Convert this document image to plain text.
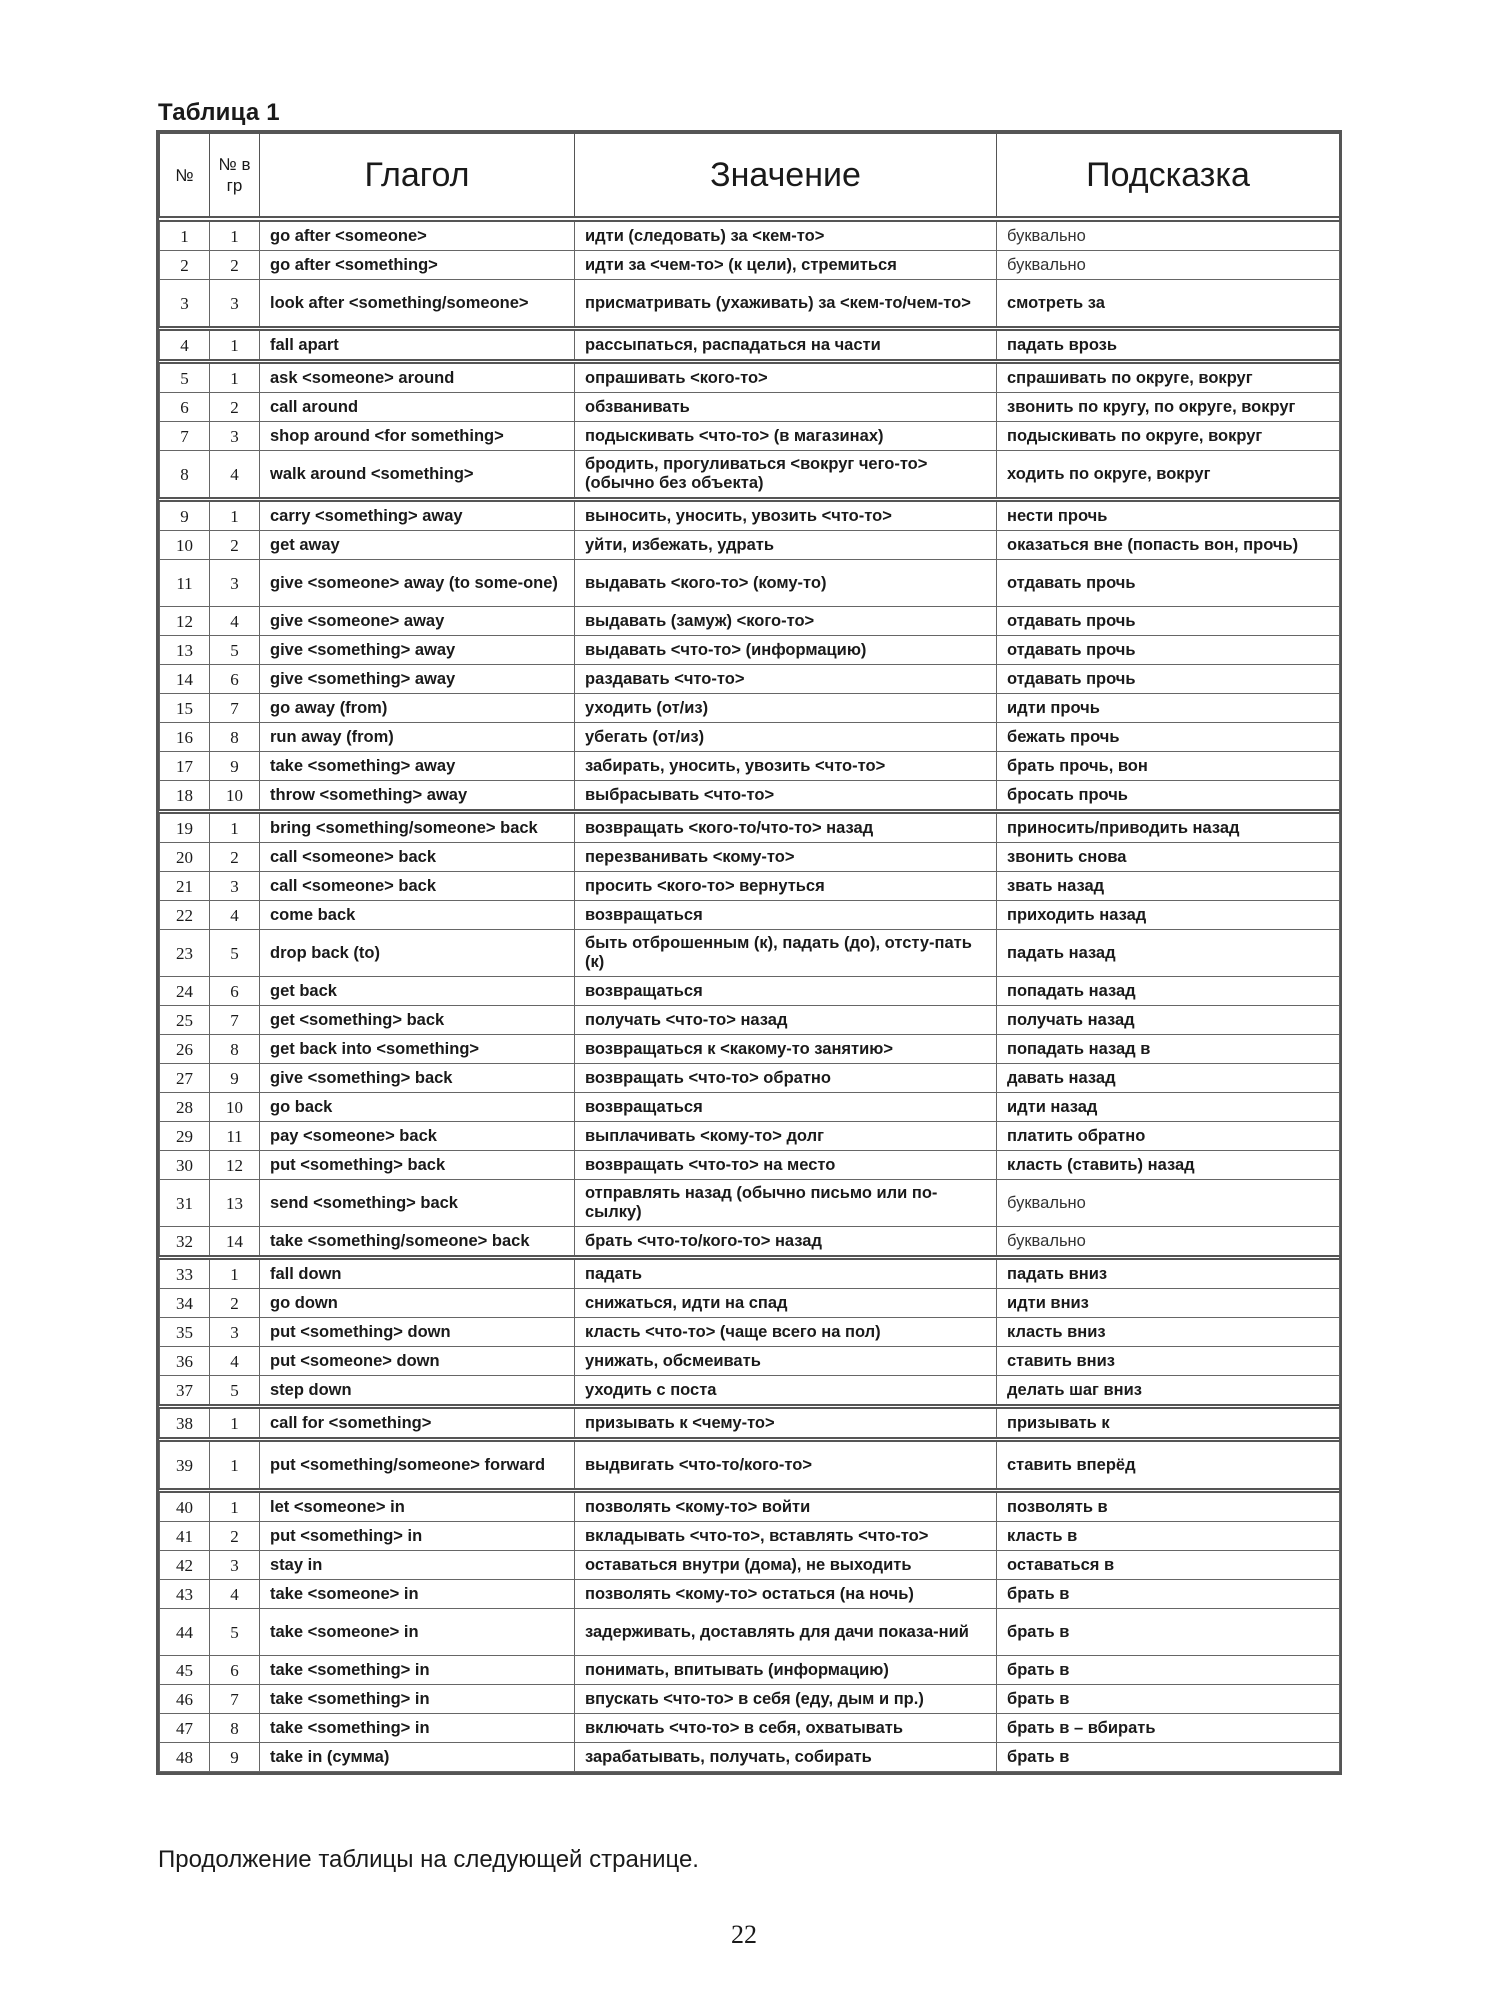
Таблица 1
№	№ в гр	Глагол	Значение	Подсказка
1	1	go after <someone>	идти (следовать) за <кем-то>	буквально
2	2	go after <something>	идти за <чем-то> (к цели), стремиться	буквально
3	3	look after <something/someone>	присматривать (ухаживать) за <кем-то/чем-то>	смотреть за
4	1	fall apart	рассыпаться, распадаться на части	падать врозь
5	1	ask <someone> around	опрашивать <кого-то>	спрашивать по округе, вокруг
6	2	call around	обзванивать	звонить по кругу, по округе, вокруг
7	3	shop around <for something>	подыскивать <что-то> (в магазинах)	подыскивать по округе, вокруг
8	4	walk around <something>	бродить, прогуливаться <вокруг чего-то> (обычно без объекта)	ходить по округе, вокруг
9	1	carry <something> away	выносить, уносить, увозить <что-то>	нести прочь
10	2	get away	уйти, избежать, удрать	оказаться вне (попасть вон, прочь)
11	3	give <someone> away (to some-one)	выдавать <кого-то> (кому-то)	отдавать прочь
12	4	give <someone> away	выдавать (замуж) <кого-то>	отдавать прочь
13	5	give <something> away	выдавать <что-то> (информацию)	отдавать прочь
14	6	give <something> away	раздавать <что-то>	отдавать прочь
15	7	go away (from)	уходить (от/из)	идти прочь
16	8	run away (from)	убегать (от/из)	бежать прочь
17	9	take <something> away	забирать, уносить, увозить <что-то>	брать прочь, вон
18	10	throw <something> away	выбрасывать <что-то>	бросать прочь
19	1	bring <something/someone> back	возвращать <кого-то/что-то> назад	приносить/приводить назад
20	2	call <someone> back	перезванивать <кому-то>	звонить снова
21	3	call <someone> back	просить <кого-то> вернуться	звать назад
22	4	come back	возвращаться	приходить назад
23	5	drop back (to)	быть отброшенным (к), падать (до), отсту-пать (к)	падать назад
24	6	get back	возвращаться	попадать назад
25	7	get <something> back	получать <что-то> назад	получать назад
26	8	get back into <something>	возвращаться к <какому-то занятию>	попадать назад в
27	9	give <something> back	возвращать <что-то> обратно	давать назад
28	10	go back	возвращаться	идти назад
29	11	pay <someone> back	выплачивать <кому-то> долг	платить обратно
30	12	put <something> back	возвращать <что-то> на место	класть (ставить) назад
31	13	send <something> back	отправлять назад (обычно письмо или по-сылку)	буквально
32	14	take <something/someone> back	брать <что-то/кого-то> назад	буквально
33	1	fall down	падать	падать вниз
34	2	go down	снижаться, идти на спад	идти вниз
35	3	put <something> down	класть <что-то> (чаще всего на пол)	класть вниз
36	4	put <someone> down	унижать, обсмеивать	ставить вниз
37	5	step down	уходить с поста	делать шаг вниз
38	1	call for <something>	призывать к <чему-то>	призывать к
39	1	put <something/someone> forward	выдвигать <что-то/кого-то>	ставить вперёд
40	1	let <someone> in	позволять <кому-то> войти	позволять в
41	2	put <something> in	вкладывать <что-то>, вставлять <что-то>	класть в
42	3	stay in	оставаться внутри (дома), не выходить	оставаться в
43	4	take <someone> in	позволять <кому-то> остаться (на ночь)	брать в
44	5	take <someone> in	задерживать, доставлять для дачи показа-ний	брать в
45	6	take <something> in	понимать, впитывать (информацию)	брать в
46	7	take <something> in	впускать <что-то> в себя (еду, дым и пр.)	брать в
47	8	take <something> in	включать <что-то> в себя, охватывать	брать в – вбирать
48	9	take in (сумма)	зарабатывать, получать, собирать	брать в
Продолжение таблицы на следующей странице.
22
